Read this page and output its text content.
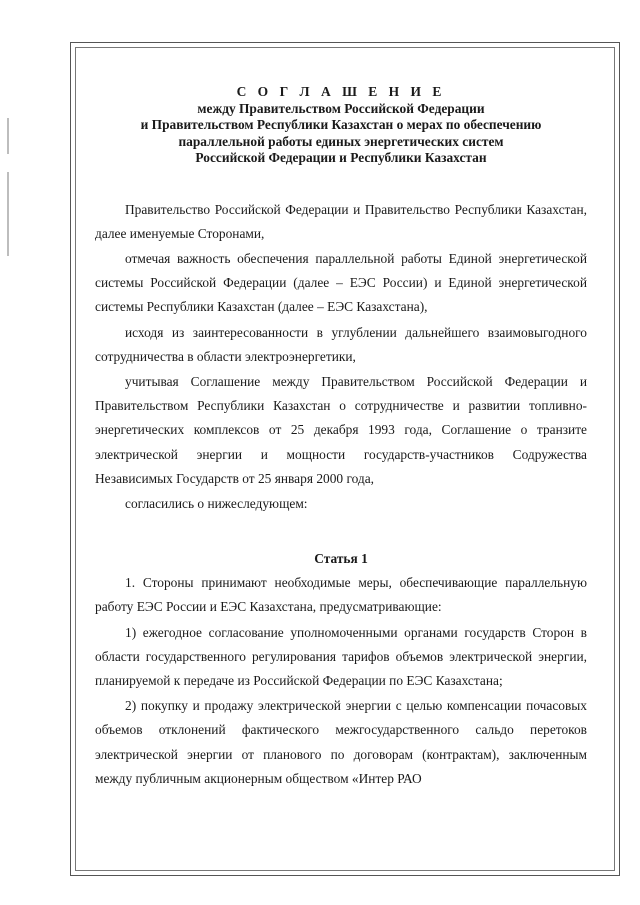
С О Г Л А Ш Е Н И Е
между Правительством Российской Федерации
и Правительством Республики Казахстан о мерах по обеспечению
параллельной работы единых энергетических систем
Российской Федерации и Республики Казахстан

Правительство Российской Федерации и Правительство Республики Казахстан, далее именуемые Сторонами,

отмечая важность обеспечения параллельной работы Единой энергетической системы Российской Федерации (далее – ЕЭС России) и Единой энергетической системы Республики Казахстан (далее – ЕЭС Казахстана),

исходя из заинтересованности в углублении дальнейшего взаимовыгодного сотрудничества в области электроэнергетики,

учитывая Соглашение между Правительством Российской Федерации и Правительством Республики Казахстан о сотрудничестве и развитии топливно-энергетических комплексов от 25 декабря 1993 года, Соглашение о транзите электрической энергии и мощности государств-участников Содружества Независимых Государств от 25 января 2000 года,

согласились о нижеследующем:

Статья 1

1. Стороны принимают необходимые меры, обеспечивающие параллельную работу ЕЭС России и ЕЭС Казахстана, предусматривающие:

1) ежегодное согласование уполномоченными органами государств Сторон в области государственного регулирования тарифов объемов электрической энергии, планируемой к передаче из Российской Федерации по ЕЭС Казахстана;

2) покупку и продажу электрической энергии с целью компенсации почасовых объемов отклонений фактического межгосударственного сальдо перетоков электрической энергии от планового по договорам (контрактам), заключенным между публичным акционерным обществом «Интер РАО
